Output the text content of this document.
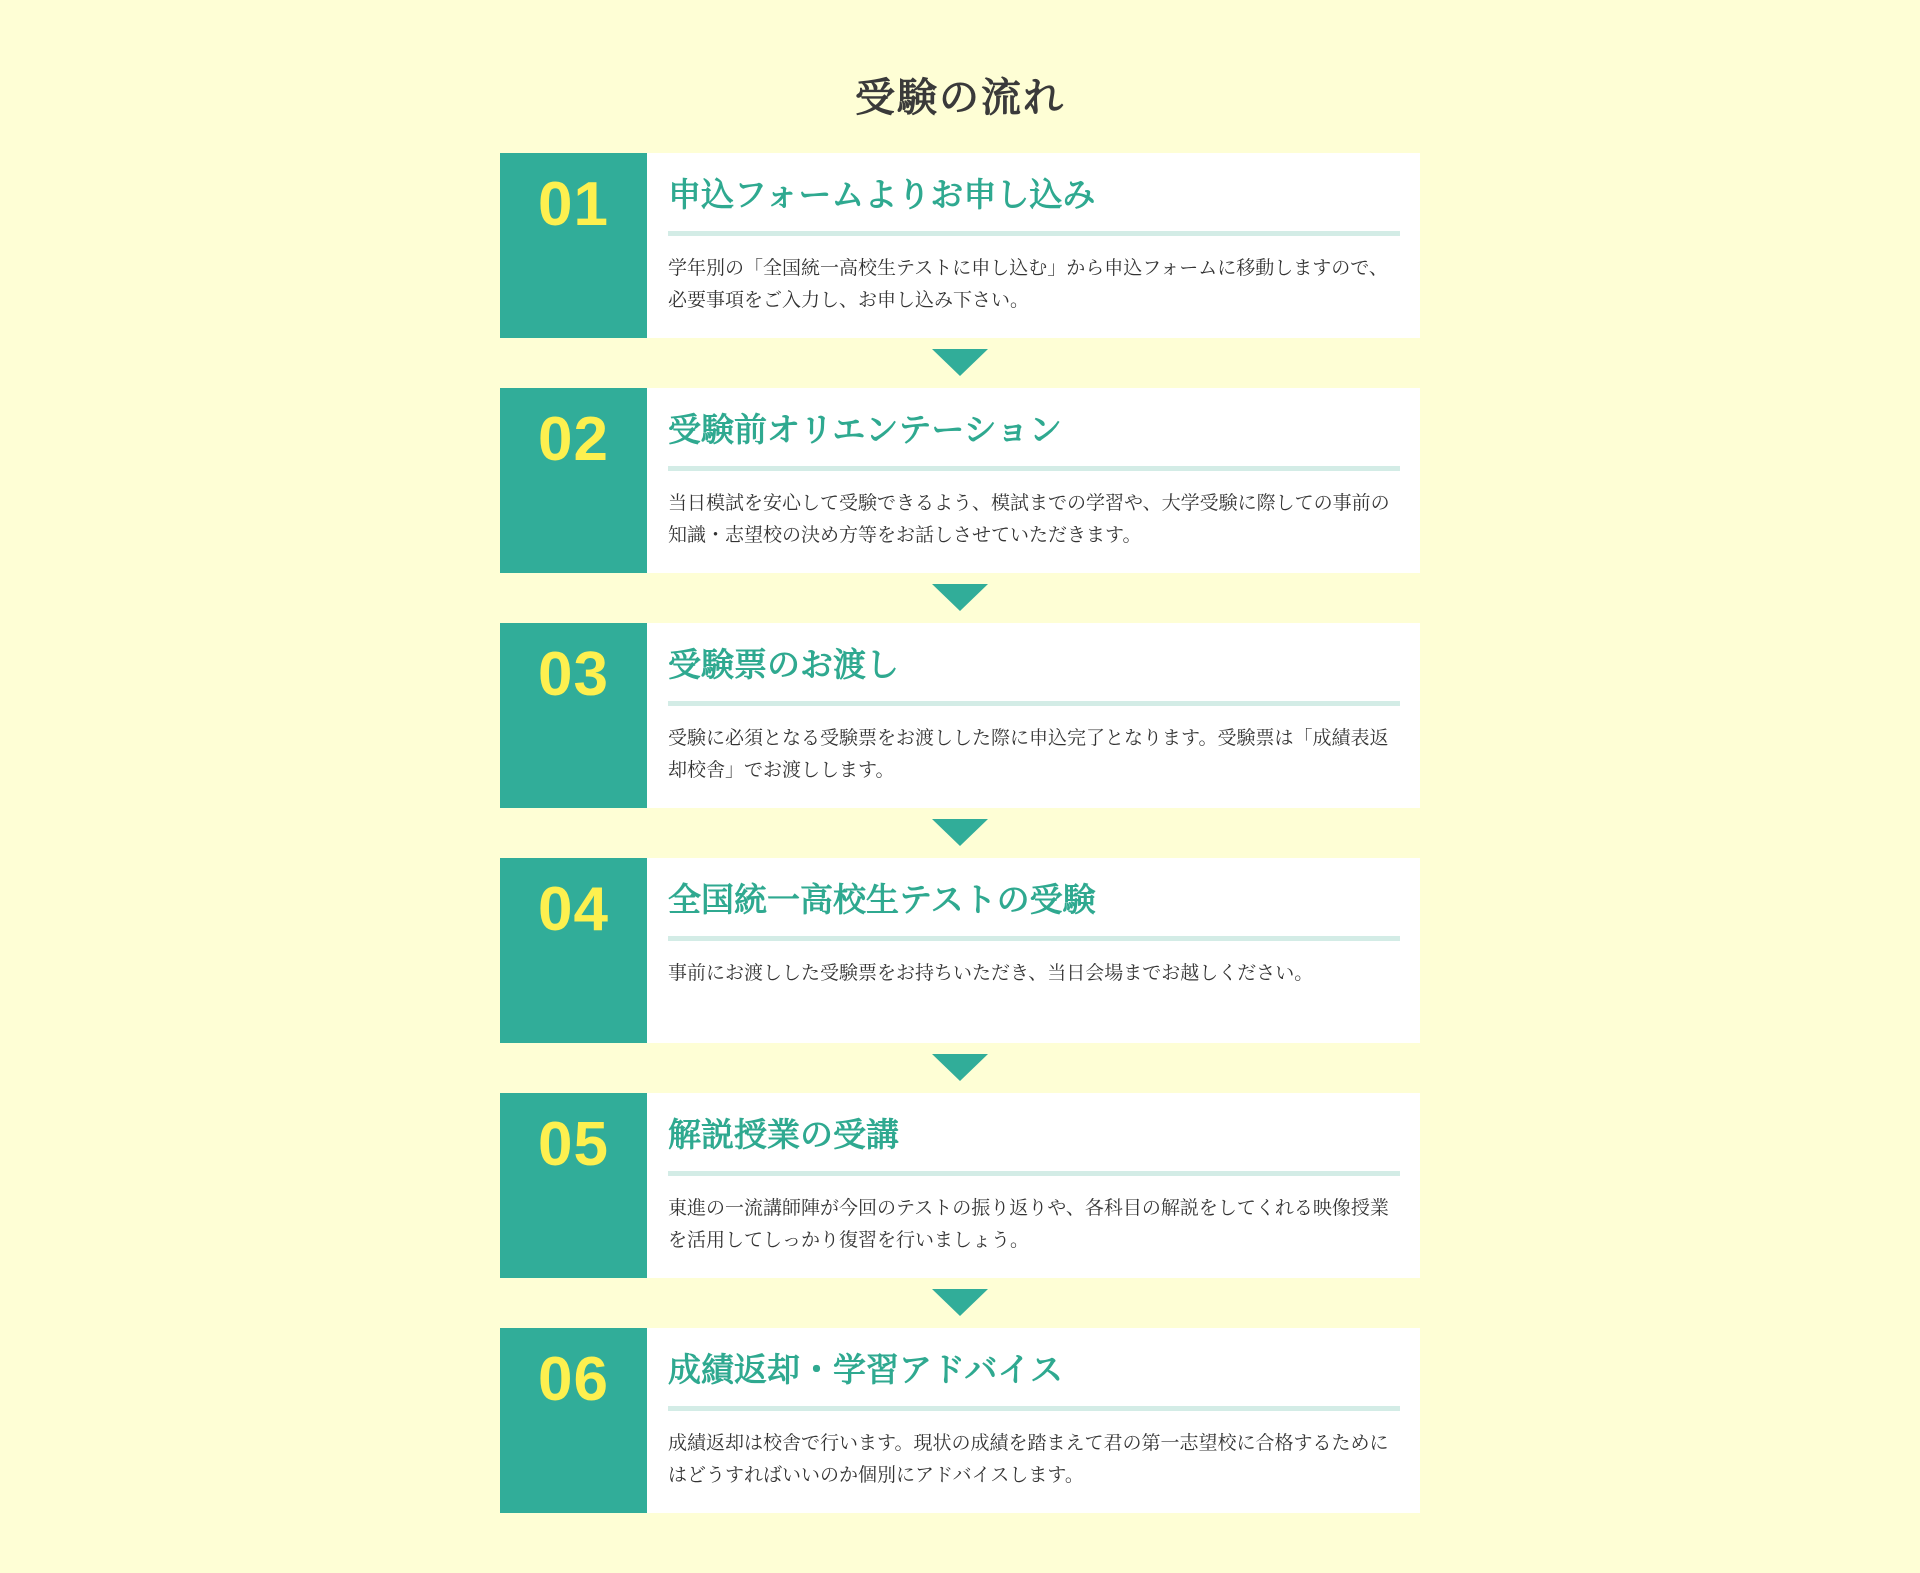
受験の流れ
01	申込フォームよりお申し込み

学年別の「全国統一高校生テストに申し込む」から申込フォームに移動しますので、必要事項をご入力し、お申し込み下さい。

02	受験前オリエンテーション

当日模試を安心して受験できるよう、模試までの学習や、大学受験に際しての事前の知識・志望校の決め方等をお話しさせていただきます。

03	受験票のお渡し

受験に必須となる受験票をお渡しした際に申込完了となります。受験票は「成績表返却校舎」でお渡しします。

04	全国統一高校生テストの受験

事前にお渡しした受験票をお持ちいただき、当日会場までお越しください。

05	解説授業の受講

東進の一流講師陣が今回のテストの振り返りや、各科目の解説をしてくれる映像授業を活用してしっかり復習を行いましょう。

06	成績返却・学習アドバイス

成績返却は校舎で行います。現状の成績を踏まえて君の第一志望校に合格するためにはどうすればいいのか個別にアドバイスします。
